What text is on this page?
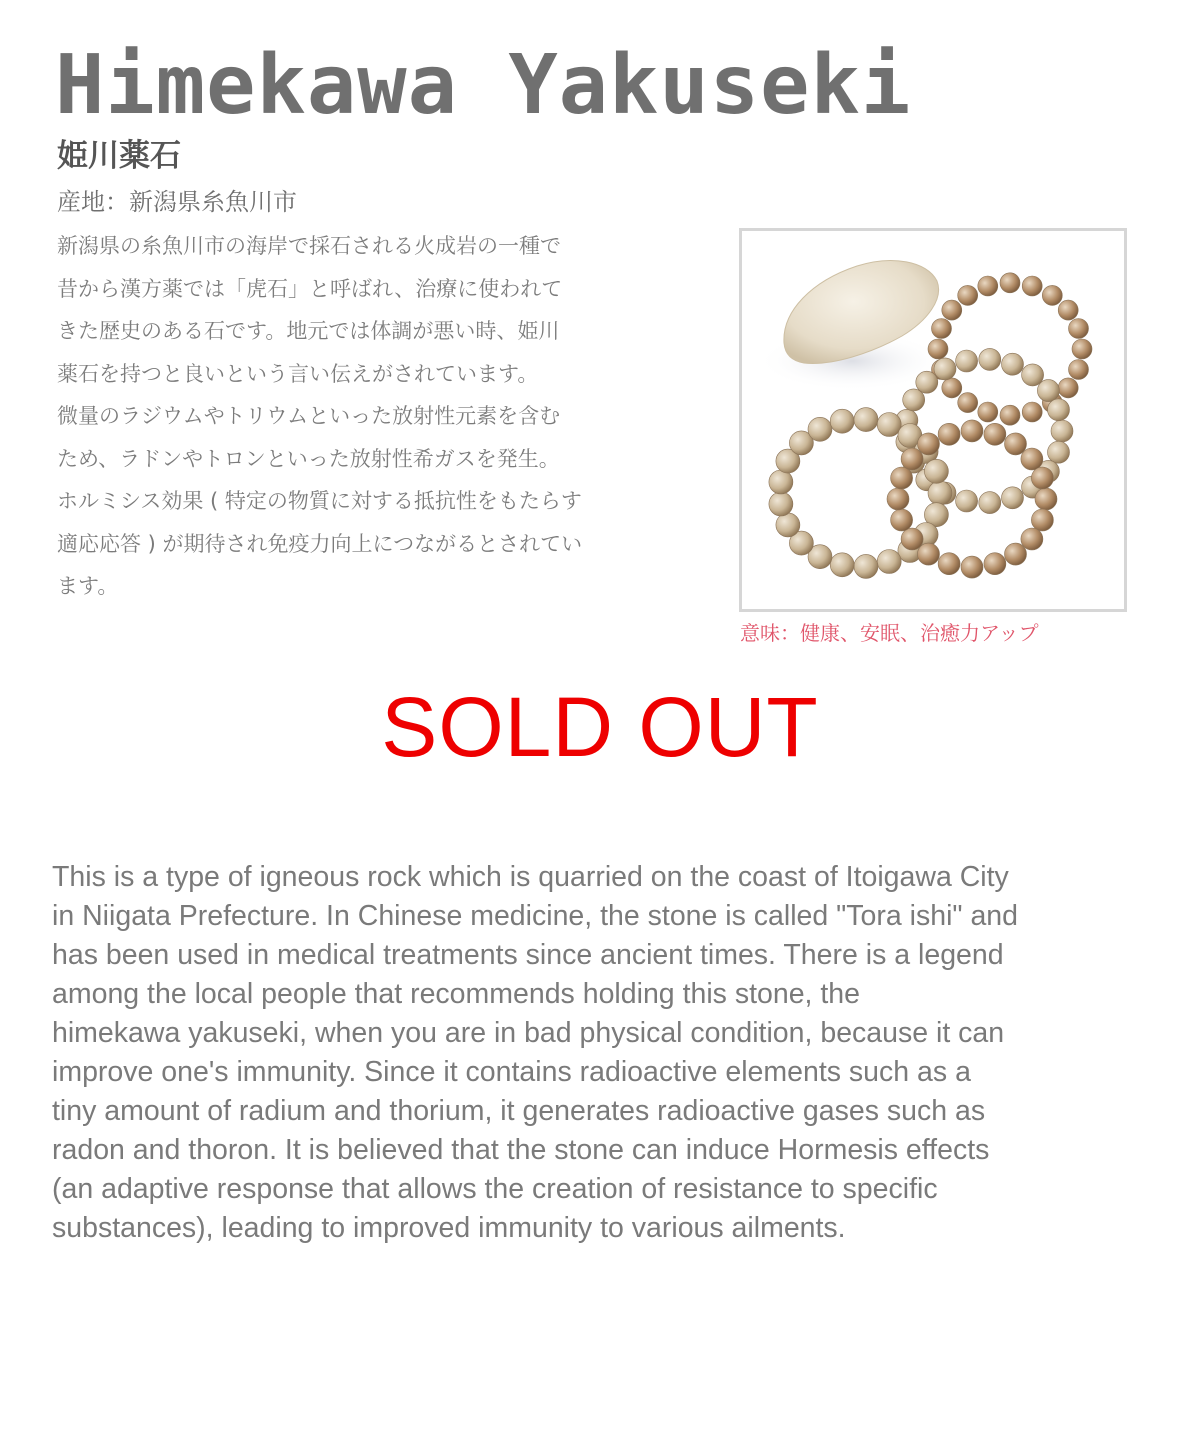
Himekawa Yakuseki
姫川薬石
産地：新潟県糸魚川市
新潟県の糸魚川市の海岸で採石される火成岩の一種で
昔から漢方薬では「虎石」と呼ばれ、治療に使われて
きた歴史のある石です。地元では体調が悪い時、姫川
薬石を持つと良いという言い伝えがされています。
微量のラジウムやトリウムといった放射性元素を含む
ため、ラドンやトロンといった放射性希ガスを発生。
ホルミシス効果 ( 特定の物質に対する抵抗性をもたらす
適応応答 ) が期待され免疫力向上につながるとされてい
ます。
意味：健康、安眠、治癒力アップ
SOLD OUT
This is a type of igneous rock which is quarried on the coast of Itoigawa City
in Niigata Prefecture. In Chinese medicine, the stone is called "Tora ishi" and
has been used in medical treatments since ancient times. There is a legend
among the local people that recommends holding this stone, the
himekawa yakuseki, when you are in bad physical condition, because it can
improve one's immunity. Since it contains radioactive elements such as a
tiny amount of radium and thorium, it generates radioactive gases such as
radon and thoron. It is believed that the stone can induce Hormesis effects
(an adaptive response that allows the creation of resistance to specific
substances), leading to improved immunity to various ailments.
